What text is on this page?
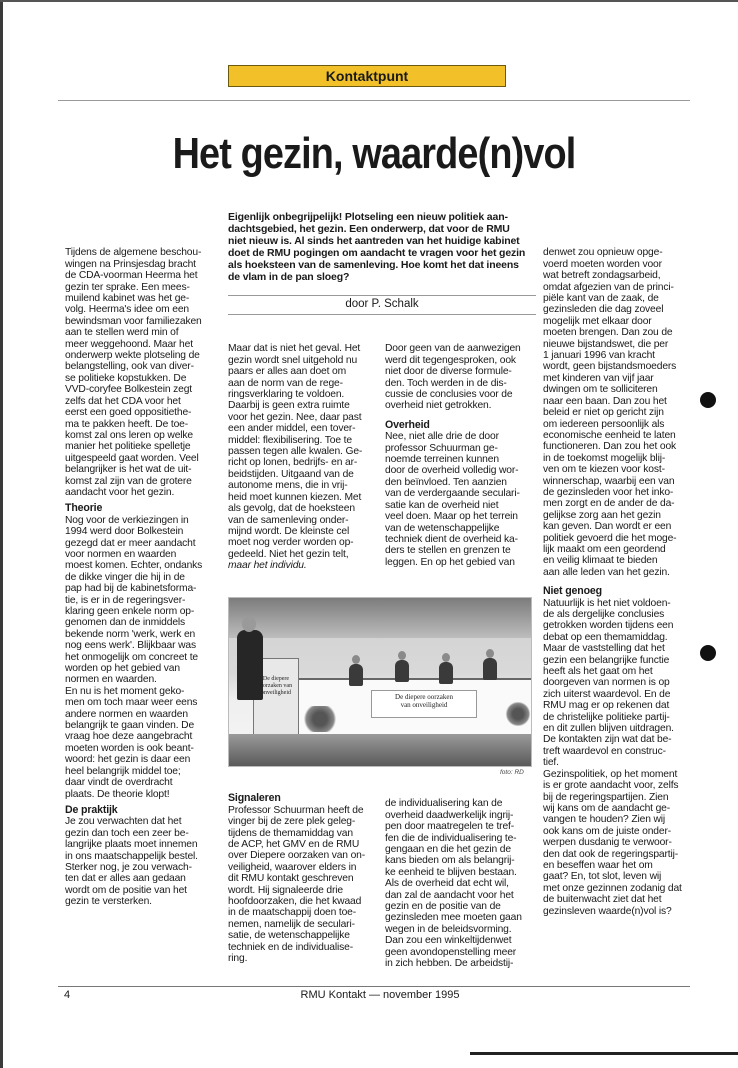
Kontaktpunt
Het gezin, waarde(n)vol
Eigenlijk onbegrijpelijk! Plotseling een nieuw politiek aan-
dachtsgebied, het gezin. Een onderwerp, dat voor de RMU
niet nieuw is. Al sinds het aantreden van het huidige kabinet
doet de RMU pogingen om aandacht te vragen voor het gezin
als hoeksteen van de samenleving. Hoe komt het dat ineens
de vlam in de pan sloeg?
door P. Schalk

Tijdens de algemene beschou-
wingen na Prinsjesdag bracht
de CDA-voorman Heerma het
gezin ter sprake. Een mees-
muilend kabinet was het ge-
volg. Heerma's idee om een
bewindsman voor familiezaken
aan te stellen werd min of
meer weggehoond. Maar het
onderwerp wekte plotseling de
belangstelling, ook van diver-
se politieke kopstukken. De
VVD-coryfee Bolkestein zegt
zelfs dat het CDA voor het
eerst een goed oppositiethe-
ma te pakken heeft. De toe-
komst zal ons leren op welke
manier het politieke spelletje
uitgespeeld gaat worden. Veel
belangrijker is het wat de uit-
komst zal zijn van de grotere
aandacht voor het gezin.

Theorie
Nog voor de verkiezingen in
1994 werd door Bolkestein
gezegd dat er meer aandacht
voor normen en waarden
moest komen. Echter, ondanks
de dikke vinger die hij in de
pap had bij de kabinetsforma-
tie, is er in de regeringsver-
klaring geen enkele norm op-
genomen dan de inmiddels
bekende norm 'werk, werk en
nog eens werk'. Blijkbaar was
het onmogelijk om concreet te
worden op het gebied van
normen en waarden.
En nu is het moment geko-
men om toch maar weer eens
andere normen en waarden
belangrijk te gaan vinden. De
vraag hoe deze aangebracht
moeten worden is ook beant-
woord: het gezin is daar een
heel belangrijk middel toe;
daar vindt de overdracht
plaats. De theorie klopt!

De praktijk
Je zou verwachten dat het
gezin dan toch een zeer be-
langrijke plaats moet innemen
in ons maatschappelijk bestel.
Sterker nog, je zou verwach-
ten dat er alles aan gedaan
wordt om de positie van het
gezin te versterken.

Maar dat is niet het geval. Het
gezin wordt snel uitgehold nu
paars er alles aan doet om
aan de norm van de rege-
ringsverklaring te voldoen.
Daarbij is geen extra ruimte
voor het gezin. Nee, daar past
een ander middel, een tover-
middel: flexibilisering. Toe te
passen tegen alle kwalen. Ge-
richt op lonen, bedrijfs- en ar-
beidstijden. Uitgaand van de
autonome mens, die in vrij-
heid moet kunnen kiezen. Met
als gevolg, dat de hoeksteen
van de samenleving onder-
mijnd wordt. De kleinste cel
moet nog verder worden op-
gedeeld. Niet het gezin telt,
maar het individu.

Door geen van de aanwezigen
werd dit tegengesproken, ook
niet door de diverse formule-
den. Toch werden in de dis-
cussie de conclusies voor de
overheid niet getrokken.

Overheid
Nee, niet alle drie de door
professor Schuurman ge-
noemde terreinen kunnen
door de overheid volledig wor-
den beïnvloed. Ten aanzien
van de verdergaande seculari-
satie kan de overheid niet
veel doen. Maar op het terrein
van de wetenschappelijke
techniek dient de overheid ka-
ders te stellen en grenzen te
leggen. En op het gebied van

De diepere
oorzaken van
onveiligheid	De diepere oorzaken
van onveiligheid
foto: RD

Signaleren
Professor Schuurman heeft de
vinger bij de zere plek geleg-
tijdens de themamiddag van
de ACP, het GMV en de RMU
over Diepere oorzaken van on-
veiligheid, waarover elders in
dit RMU kontakt geschreven
wordt. Hij signaleerde drie
hoofdoorzaken, die het kwaad
in de maatschappij doen toe-
nemen, namelijk de seculari-
satie, de wetenschappelijke
techniek en de individualise-
ring.

de individualisering kan de
overheid daadwerkelijk ingrij-
pen door maatregelen te tref-
fen die de individualisering te-
gengaan en die het gezin de
kans bieden om als belangrij-
ke eenheid te blijven bestaan.
Als de overheid dat echt wil,
dan zal de aandacht voor het
gezin en de positie van de
gezinsleden mee moeten gaan
wegen in de beleidsvorming.
Dan zou een winkeltijdenwet
geen avondopenstelling meer
in zich hebben. De arbeidstij-

denwet zou opnieuw opge-
voerd moeten worden voor
wat betreft zondagsarbeid,
omdat afgezien van de princi-
piële kant van de zaak, de
gezinsleden die dag zoveel
mogelijk met elkaar door
moeten brengen. Dan zou de
nieuwe bijstandswet, die per
1 januari 1996 van kracht
wordt, geen bijstandsmoeders
met kinderen van vijf jaar
dwingen om te solliciteren
naar een baan. Dan zou het
beleid er niet op gericht zijn
om iedereen persoonlijk als
economische eenheid te laten
functioneren. Dan zou het ook
in de toekomst mogelijk blij-
ven om te kiezen voor kost-
winnerschap, waarbij een van
de gezinsleden voor het inko-
men zorgt en de ander de da-
gelijkse zorg aan het gezin
kan geven. Dan wordt er een
politiek gevoerd die het moge-
lijk maakt om een geordend
en veilig klimaat te bieden
aan alle leden van het gezin.

Niet genoeg
Natuurlijk is het niet voldoen-
de als dergelijke conclusies
getrokken worden tijdens een
debat op een themamiddag.
Maar de vaststelling dat het
gezin een belangrijke functie
heeft als het gaat om het
doorgeven van normen is op
zich uiterst waardevol. En de
RMU mag er op rekenen dat
de christelijke politieke partij-
en dit zullen blijven uitdragen.
De kontakten zijn wat dat be-
treft waardevol en construc-
tief.
Gezinspolitiek, op het moment
is er grote aandacht voor, zelfs
bij de regeringspartijen. Zien
wij kans om de aandacht ge-
vangen te houden? Zien wij
ook kans om de juiste onder-
werpen dusdanig te verwoor-
den dat ook de regeringspartij-
en beseffen waar het om
gaat? En, tot slot, leven wij
met onze gezinnen zodanig dat
de buitenwacht ziet dat het
gezinsleven waarde(n)vol is?

4	RMU Kontakt — november 1995
